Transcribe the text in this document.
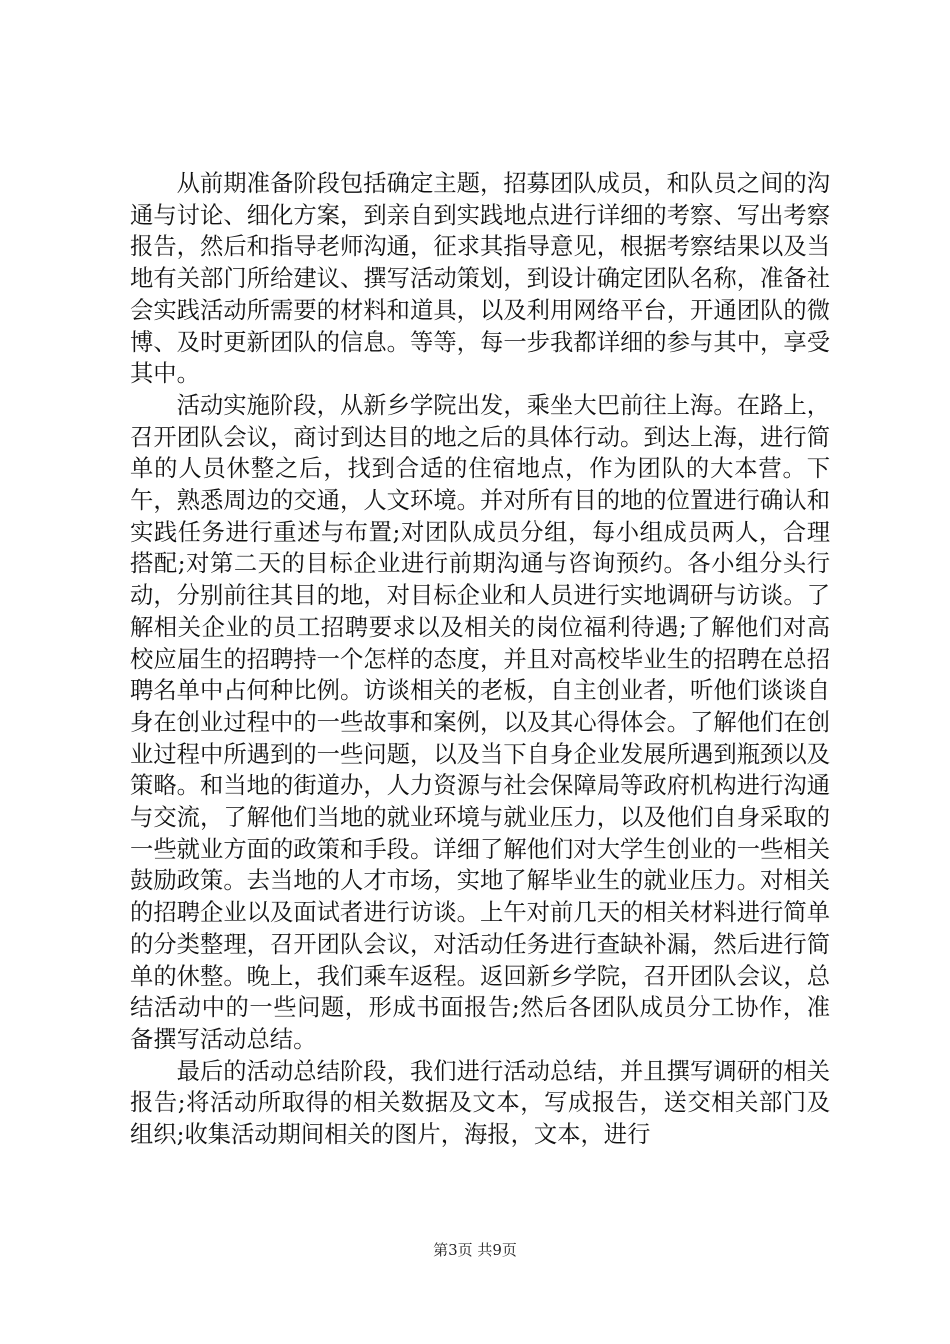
从前期准备阶段包括确定主题，招募团队成员，和队员之间的沟通与讨论、细化方案，到亲自到实践地点进行详细的考察、写出考察报告，然后和指导老师沟通，征求其指导意见，根据考察结果以及当地有关部门所给建议、撰写活动策划，到设计确定团队名称，准备社会实践活动所需要的材料和道具，以及利用网络平台，开通团队的微博、及时更新团队的信息。等等，每一步我都详细的参与其中，享受其中。

活动实施阶段，从新乡学院出发，乘坐大巴前往上海。在路上，召开团队会议，商讨到达目的地之后的具体行动。到达上海，进行简单的人员休整之后，找到合适的住宿地点，作为团队的大本营。下午，熟悉周边的交通，人文环境。并对所有目的地的位置进行确认和实践任务进行重述与布置;对团队成员分组，每小组成员两人，合理搭配;对第二天的目标企业进行前期沟通与咨询预约。各小组分头行动，分别前往其目的地，对目标企业和人员进行实地调研与访谈。了解相关企业的员工招聘要求以及相关的岗位福利待遇;了解他们对高校应届生的招聘持一个怎样的态度，并且对高校毕业生的招聘在总招聘名单中占何种比例。访谈相关的老板，自主创业者，听他们谈谈自身在创业过程中的一些故事和案例，以及其心得体会。了解他们在创业过程中所遇到的一些问题，以及当下自身企业发展所遇到瓶颈以及策略。和当地的街道办，人力资源与社会保障局等政府机构进行沟通与交流，了解他们当地的就业环境与就业压力，以及他们自身采取的一些就业方面的政策和手段。详细了解他们对大学生创业的一些相关鼓励政策。去当地的人才市场，实地了解毕业生的就业压力。对相关的招聘企业以及面试者进行访谈。上午对前几天的相关材料进行简单的分类整理，召开团队会议，对活动任务进行查缺补漏，然后进行简单的休整。晚上，我们乘车返程。返回新乡学院，召开团队会议，总结活动中的一些问题，形成书面报告;然后各团队成员分工协作，准备撰写活动总结。

最后的活动总结阶段，我们进行活动总结，并且撰写调研的相关报告;将活动所取得的相关数据及文本，写成报告，送交相关部门及组织;收集活动期间相关的图片，海报，文本，进行

第3页 共9页
